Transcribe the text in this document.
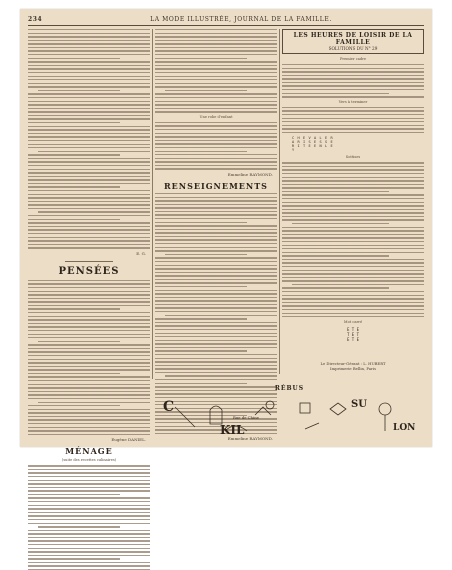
234	LA MODE ILLUSTRÉE, JOURNAL DE LA FAMILLE.
E. G.
PENSÉES
Eugène DANIEL.
MÉNAGE
(suite des recettes culinaires)
Une robe d'enfant
Emmeline RAYMOND.
RENSEIGNEMENTS
Emmeline RAYMOND.
LES HEURES DE LOISIR DE LA FAMILLE
SOLUTIONS DU N° 29
Premier cadre
Vers à terminer
C H E V A L E R
A R I S E S S E
R I T E E N L E
Y
Sottises
Mot carré
E T E
T E T
E T E
Le Directeur-Gérant : L. HUBERT
Imprimerie Bellin, Paris
RÉBUS
C	SU
KIL	LON
Rue de Chine
